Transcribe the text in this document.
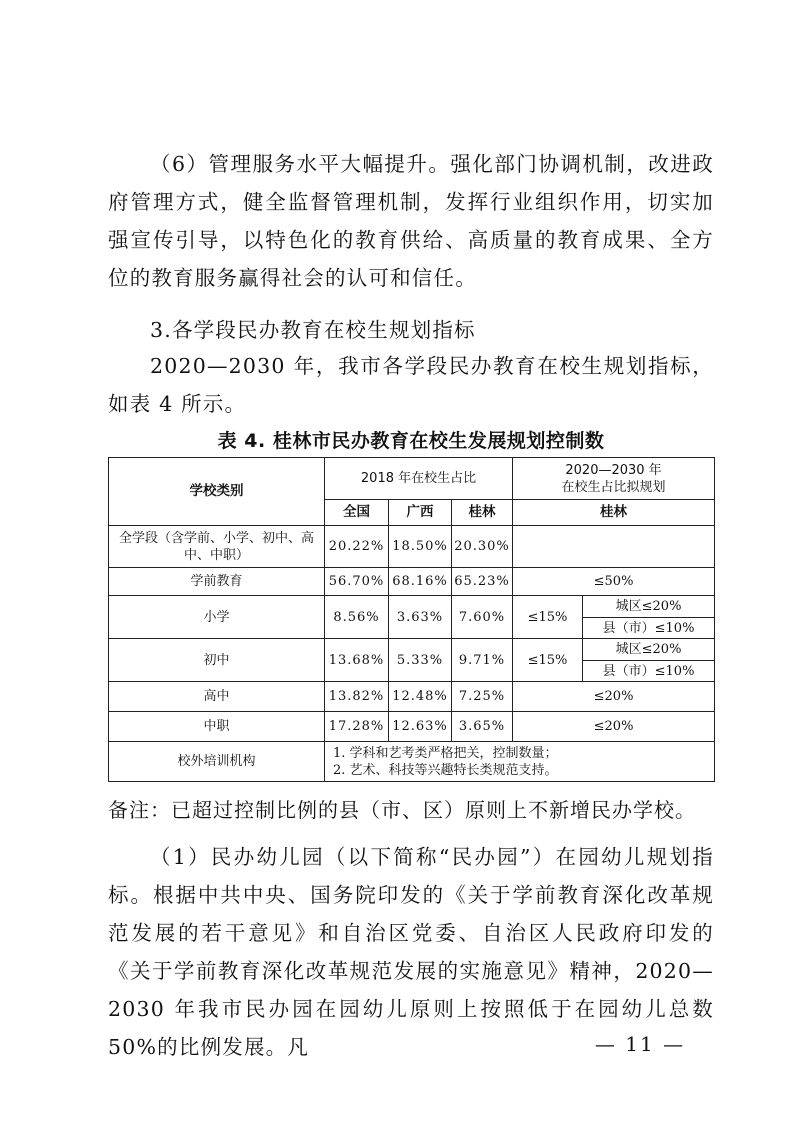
（6）管理服务水平大幅提升。强化部门协调机制，改进政府管理方式，健全监督管理机制，发挥行业组织作用，切实加强宣传引导，以特色化的教育供给、高质量的教育成果、全方位的教育服务赢得社会的认可和信任。

3.各学段民办教育在校生规划指标

2020—2030 年，我市各学段民办教育在校生规划指标，如表 4 所示。

表 4. 桂林市民办教育在校生发展规划控制数
学校类别	2018 年在校生占比			2020—2030 年
在校生占比拟规划	

	全国	广西	桂林	桂林	
全学段（含学前、小学、初中、高中、中职）	20.22%	18.50%	20.30%		
学前教育	56.70%	68.16%	65.23%	≤50%	
小学	8.56%	3.63%	7.60%	≤15%	城区≤20%
					县（市）≤10%
初中	13.68%	5.33%	9.71%	≤15%	城区≤20%
					县（市）≤10%
高中	13.82%	12.48%	7.25%	≤20%	
中职	17.28%	12.63%	3.65%	≤20%	
校外培训机构	1. 学科和艺考类严格把关，控制数量；
2. 艺术、科技等兴趣特长类规范支持。				
备注：已超过控制比例的县（市、区）原则上不新增民办学校。

（1）民办幼儿园（以下简称“民办园”）在园幼儿规划指标。根据中共中央、国务院印发的《关于学前教育深化改革规范发展的若干意见》和自治区党委、自治区人民政府印发的《关于学前教育深化改革规范发展的实施意见》精神，2020—2030 年我市民办园在园幼儿原则上按照低于在园幼儿总数 50%的比例发展。凡	— 11 —
